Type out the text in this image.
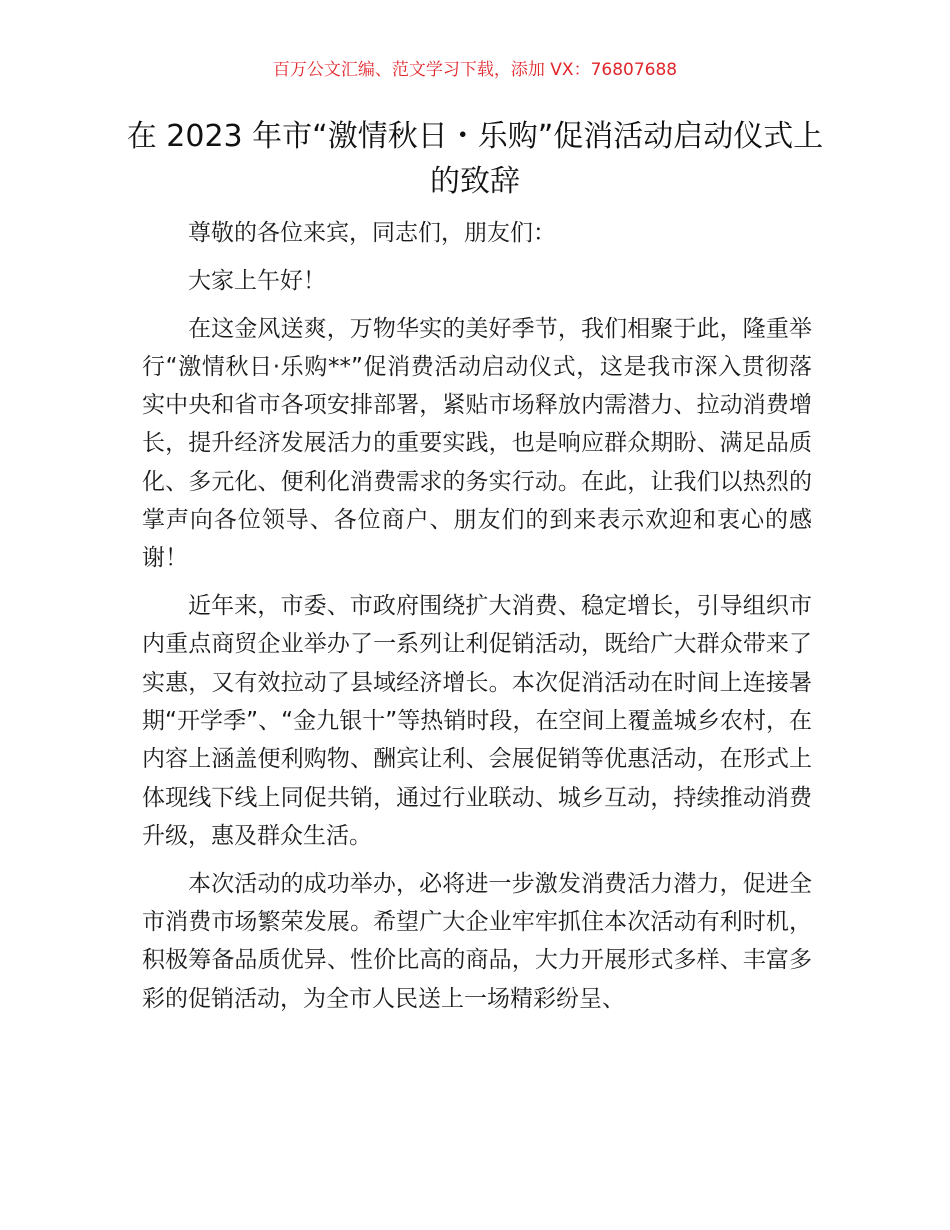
百万公文汇编、范文学习下载，添加 VX：76807688
在 2023 年市“激情秋日・乐购”促消活动启动仪式上的致辞

尊敬的各位来宾，同志们，朋友们：

大家上午好！

在这金风送爽，万物华实的美好季节，我们相聚于此，隆重举行“激情秋日·乐购**”促消费活动启动仪式，这是我市深入贯彻落实中央和省市各项安排部署，紧贴市场释放内需潜力、拉动消费增长，提升经济发展活力的重要实践，也是响应群众期盼、满足品质化、多元化、便利化消费需求的务实行动。在此，让我们以热烈的掌声向各位领导、各位商户、朋友们的到来表示欢迎和衷心的感谢！

近年来，市委、市政府围绕扩大消费、稳定增长，引导组织市内重点商贸企业举办了一系列让利促销活动，既给广大群众带来了实惠，又有效拉动了县域经济增长。本次促消活动在时间上连接暑期“开学季”、“金九银十”等热销时段，在空间上覆盖城乡农村，在内容上涵盖便利购物、酬宾让利、会展促销等优惠活动，在形式上体现线下线上同促共销，通过行业联动、城乡互动，持续推动消费升级，惠及群众生活。

本次活动的成功举办，必将进一步激发消费活力潜力，促进全市消费市场繁荣发展。希望广大企业牢牢抓住本次活动有利时机，积极筹备品质优异、性价比高的商品，大力开展形式多样、丰富多彩的促销活动，为全市人民送上一场精彩纷呈、
